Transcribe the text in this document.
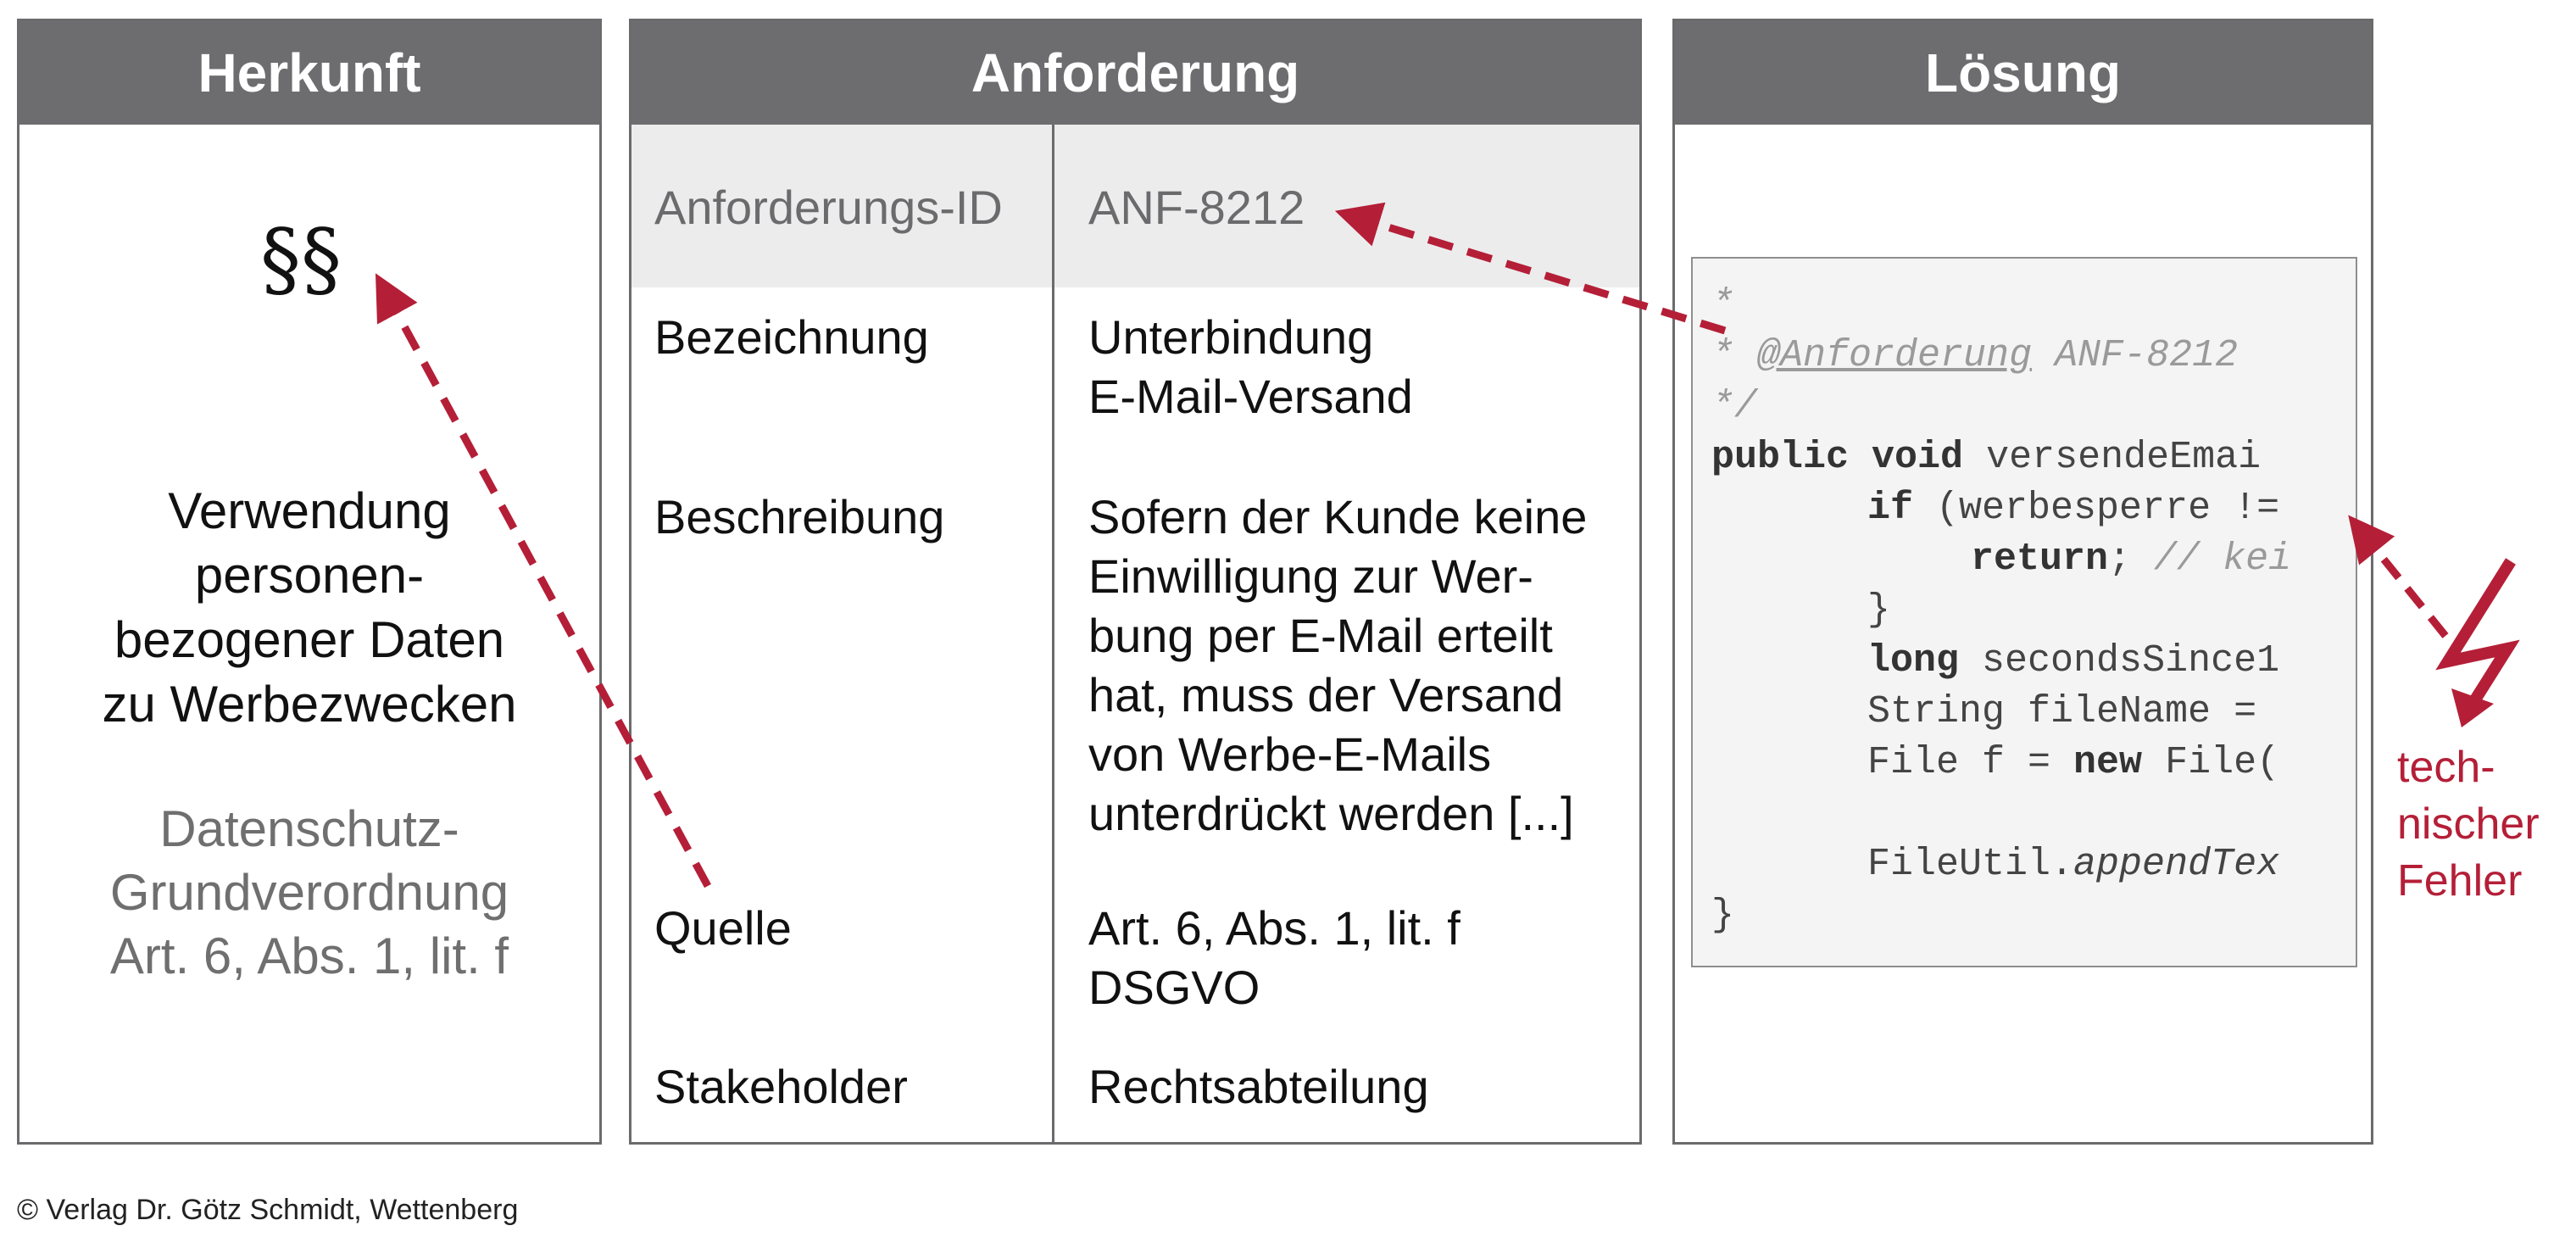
Herkunft
§§
Verwendung
personen-
bezogener Daten
zu Werbezwecken
Datenschutz-
Grundverordnung
Art. 6, Abs. 1, lit. f
Anforderung
Anforderungs-ID ANF-8212
Bezeichnung	Unterbindung
E-Mail-Versand
Beschreibung	Sofern der Kunde keine
Einwilligung zur Wer-
bung per E-Mail erteilt
hat, muss der Versand
von Werbe-E-Mails
unterdrückt werden [...]
Quelle	Art. 6, Abs. 1, lit. f
DSGVO
Stakeholder	Rechtsabteilung
Lösung
*
* @Anforderung ANF-8212
*/
public void versendeEmai
if (werbesperre !=
return; // kei
}
long secondsSince1
String fileName =
File f = new File(
FileUtil.appendTex
}
tech-
nischer
Fehler
© Verlag Dr. Götz Schmidt, Wettenberg
